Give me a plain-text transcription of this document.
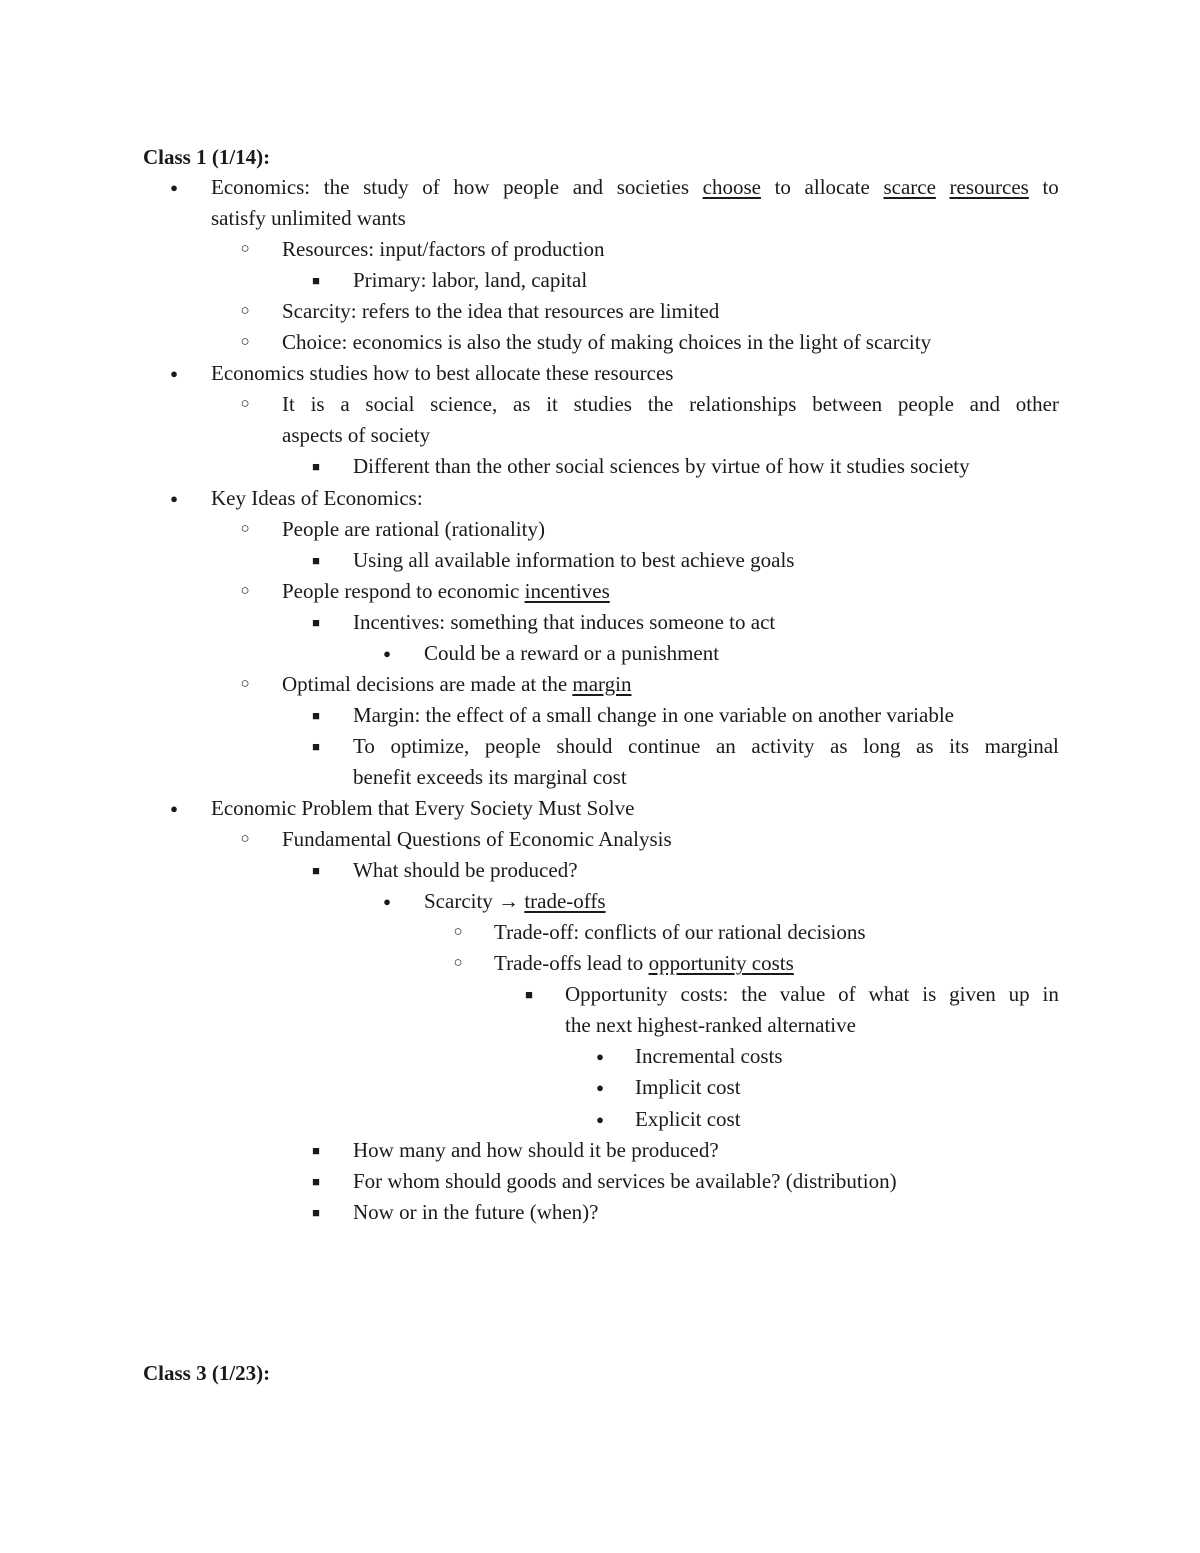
Class 1 (1/14):
● Economics: the study of how people and societies choose to allocate scarce resources to
satisfy unlimited wants
○ Resources: input/factors of production
■ Primary: labor, land, capital
○ Scarcity: refers to the idea that resources are limited
○ Choice: economics is also the study of making choices in the light of scarcity
● Economics studies how to best allocate these resources
○ It is a social science, as it studies the relationships between people and other
aspects of society
■ Different than the other social sciences by virtue of how it studies society
● Key Ideas of Economics:
○ People are rational (rationality)
■ Using all available information to best achieve goals
○ People respond to economic incentives
■ Incentives: something that induces someone to act
● Could be a reward or a punishment
○ Optimal decisions are made at the margin
■ Margin: the effect of a small change in one variable on another variable
■ To optimize, people should continue an activity as long as its marginal
benefit exceeds its marginal cost
● Economic Problem that Every Society Must Solve
○ Fundamental Questions of Economic Analysis
■ What should be produced?
● Scarcity → trade-offs
○ Trade-off: conflicts of our rational decisions
○ Trade-offs lead to opportunity costs
■ Opportunity costs: the value of what is given up in
the next highest-ranked alternative
● Incremental costs
● Implicit cost
● Explicit cost
■ How many and how should it be produced?
■ For whom should goods and services be available? (distribution)
■ Now or in the future (when)?
Class 3 (1/23):
